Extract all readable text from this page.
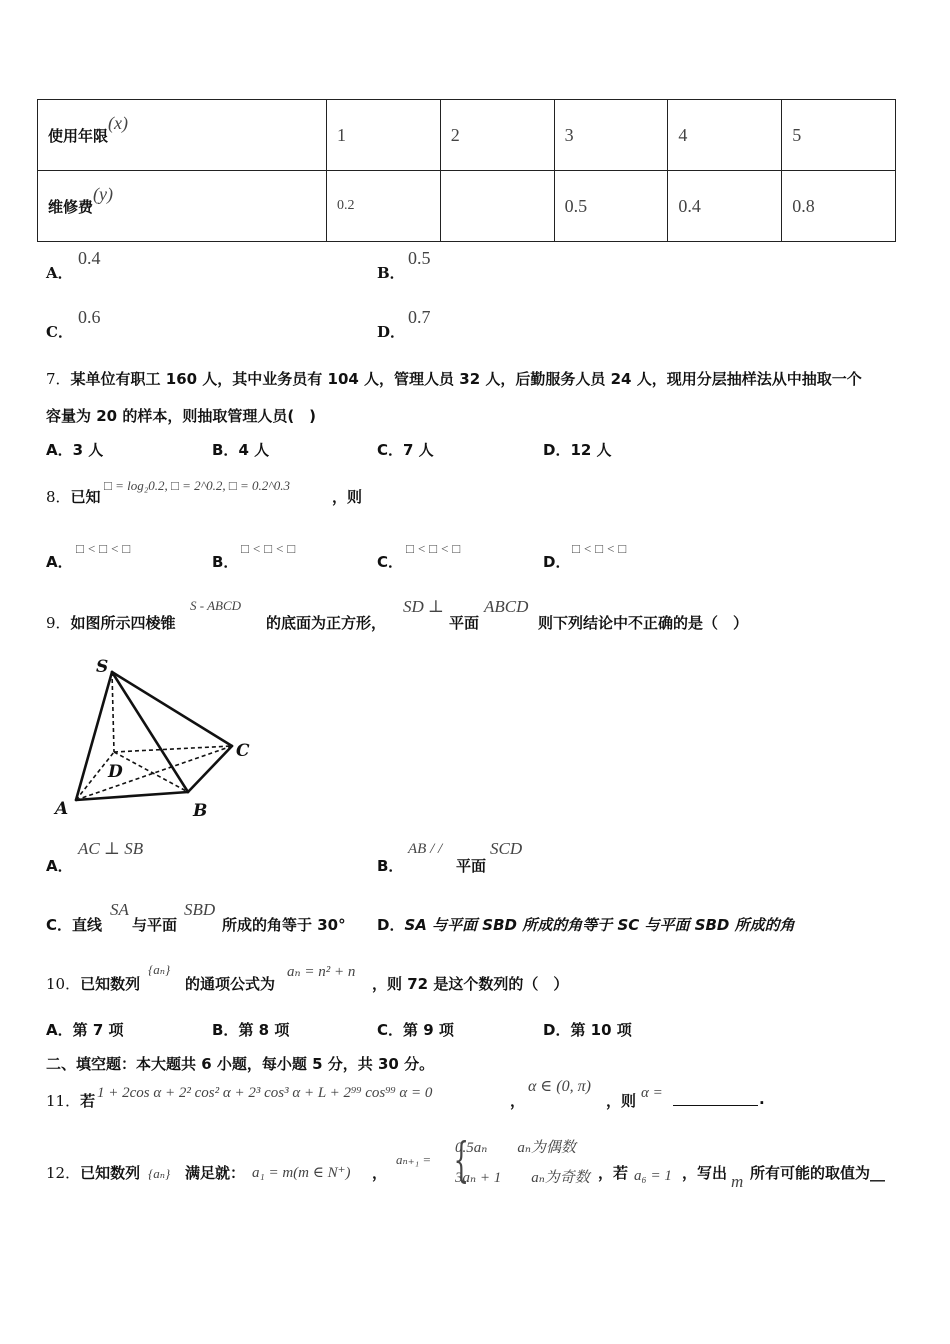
使用年限(x)	1	2	3	4	5
维修费(y)	0.2		0.5	0.4	0.8
A．
0.4
B．
0.5
C．
0.6
D．
0.7
7．某单位有职工 160 人，其中业务员有 104 人，管理人员 32 人，后勤服务人员 24 人，现用分层抽样法从中抽取一个
容量为 20 的样本，则抽取管理人员(　)
A．3 人	B．4 人	C．7 人	D．12 人
8．已知
□ = log₂0.2, □ = 2^0.2, □ = 0.2^0.3
，则
A．
□ < □ < □
B．
□ < □ < □
C．
□ < □ < □
D．
□ < □ < □
9．如图所示四棱锥
S - ABCD
的底面为正方形，
SD ⊥
平面
ABCD
则下列结论中不正确的是（　）
S
A	B
C
D
A．
AC ⊥ SB
B．
AB / /
平面
SCD
C．直线
SA
与平面
SBD
所成的角等于 30° D．SA 与平面 SBD 所成的角等于 SC 与平面 SBD 所成的角
10．已知数列
{aₙ}
的通项公式为
aₙ = n² + n
，则 72 是这个数列的（　）
A．第 7 项	B．第 8 项	C．第 9 项	D．第 10 项
二、填空题：本大题共 6 小题，每小题 5 分，共 30 分。
11．若 1 + 2cos α + 2² cos² α + 2³ cos³ α + L + 2⁹⁹ cos⁹⁹ α = 0	，
α ∈ (0, π)
，则 α =	.
12．已知数列 {aₙ} 满足就： a₁ = m(m ∈ N⁺) ，
aₙ₊₁ = {
0.5aₙ　　aₙ为偶数
3aₙ + 1　　aₙ为奇数 ，若 a₆ = 1 ，写出 m 所有可能的取值为__
